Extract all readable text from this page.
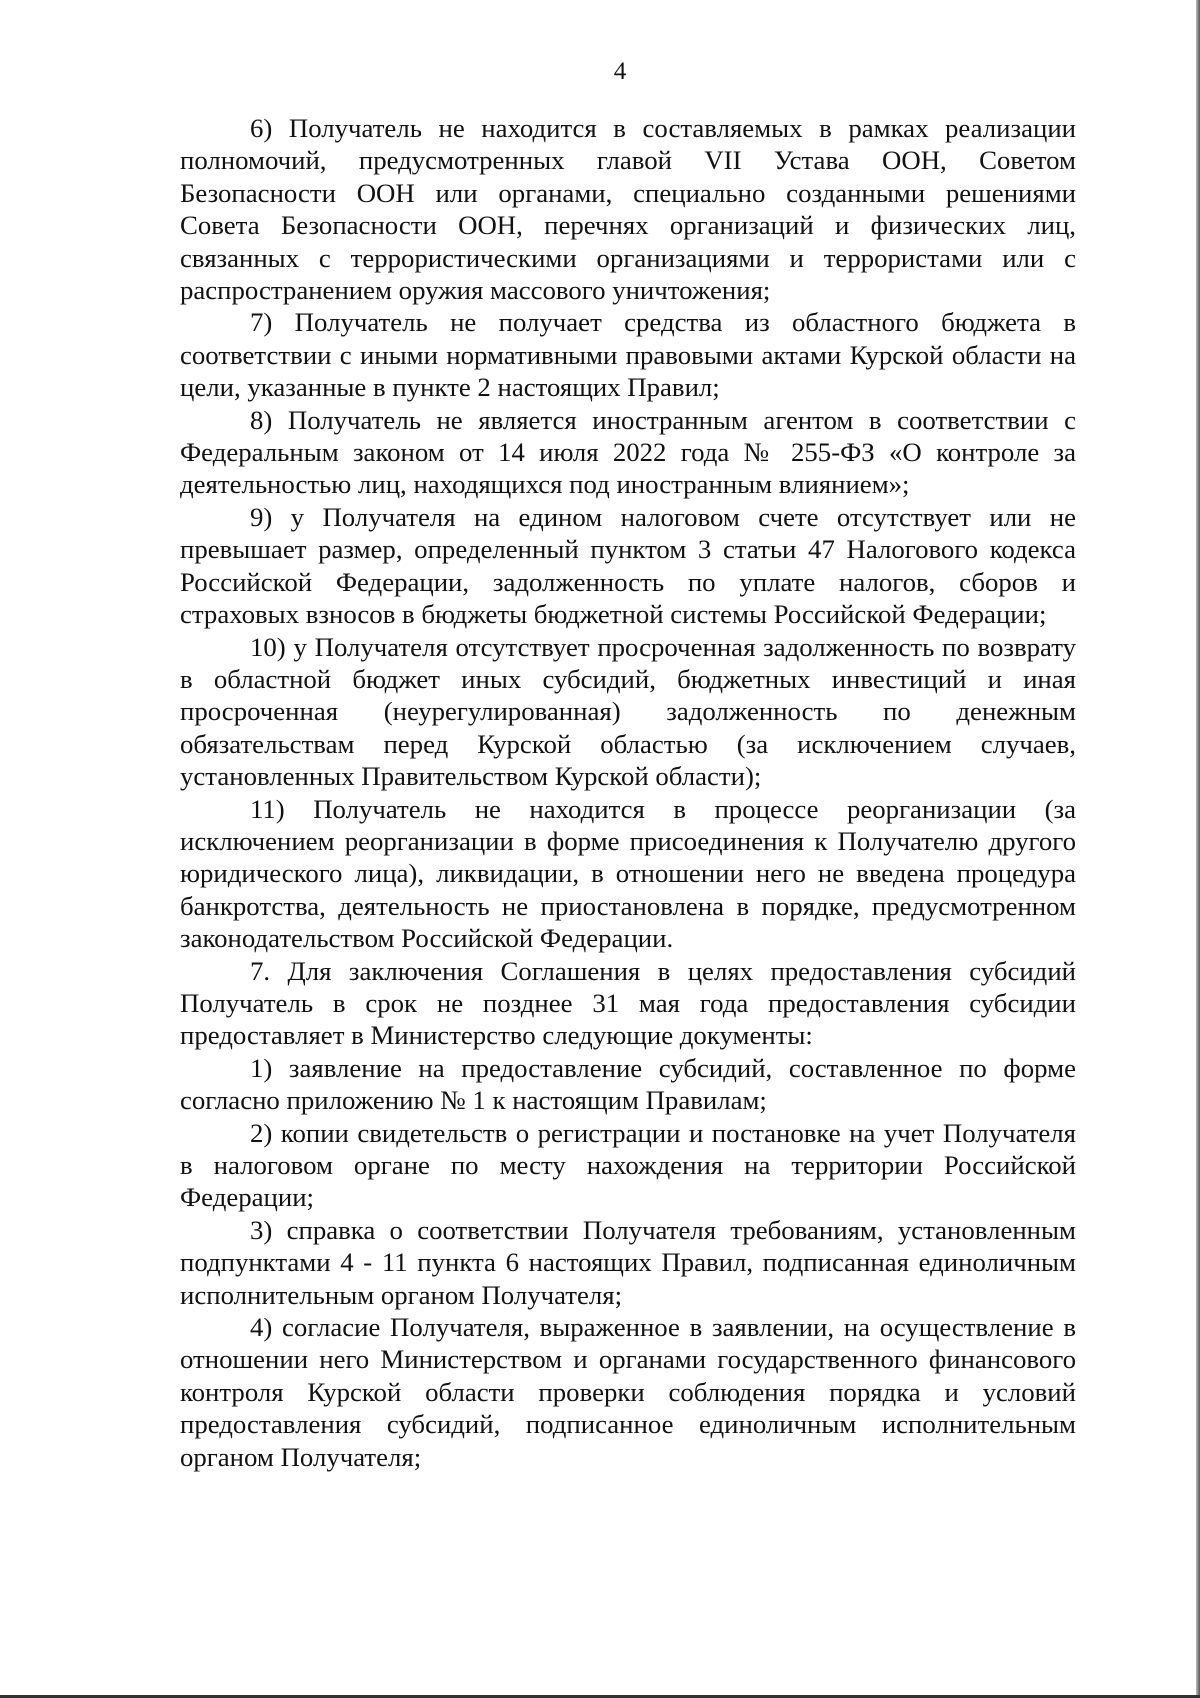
4

6) Получатель не находится в составляемых в рамках реализации полномочий, предусмотренных главой VII Устава ООН, Советом Безопасности ООН или органами, специально созданными решениями Совета Безопасности ООН, перечнях организаций и физических лиц, связанных с террористическими организациями и террористами или с распространением оружия массового уничтожения;

7) Получатель не получает средства из областного бюджета в соответствии с иными нормативными правовыми актами Курской области на цели, указанные в пункте 2 настоящих Правил;

8) Получатель не является иностранным агентом в соответствии с Федеральным законом от 14 июля 2022 года № 255-ФЗ «О контроле за деятельностью лиц, находящихся под иностранным влиянием»;

9) у Получателя на едином налоговом счете отсутствует или не превышает размер, определенный пунктом 3 статьи 47 Налогового кодекса Российской Федерации, задолженность по уплате налогов, сборов и страховых взносов в бюджеты бюджетной системы Российской Федерации;

10) у Получателя отсутствует просроченная задолженность по возврату в областной бюджет иных субсидий, бюджетных инвестиций и иная просроченная (неурегулированная) задолженность по денежным обязательствам перед Курской областью (за исключением случаев, установленных Правительством Курской области);

11) Получатель не находится в процессе реорганизации (за исключением реорганизации в форме присоединения к Получателю другого юридического лица), ликвидации, в отношении него не введена процедура банкротства, деятельность не приостановлена в порядке, предусмотренном законодательством Российской Федерации.

7. Для заключения Соглашения в целях предоставления субсидий Получатель в срок не позднее 31 мая года предоставления субсидии предоставляет в Министерство следующие документы:

1) заявление на предоставление субсидий, составленное по форме согласно приложению № 1 к настоящим Правилам;

2) копии свидетельств о регистрации и постановке на учет Получателя в налоговом органе по месту нахождения на территории Российской Федерации;

3) справка о соответствии Получателя требованиям, установленным подпунктами 4 - 11 пункта 6 настоящих Правил, подписанная единоличным исполнительным органом Получателя;

4) согласие Получателя, выраженное в заявлении, на осуществление в отношении него Министерством и органами государственного финансового контроля Курской области проверки соблюдения порядка и условий предоставления субсидий, подписанное единоличным исполнительным органом Получателя;
